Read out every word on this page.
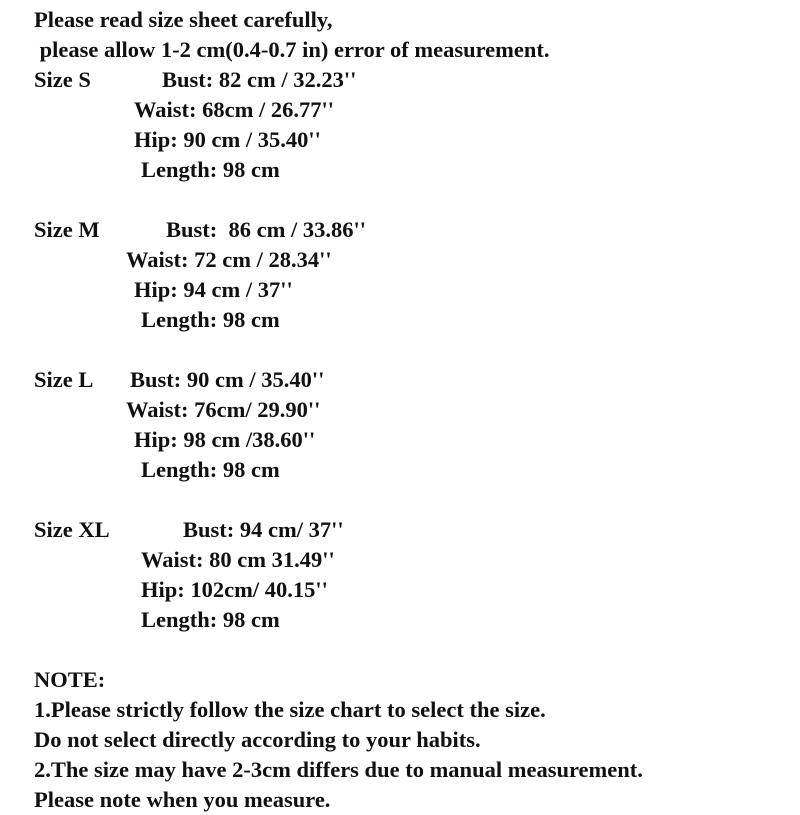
Please read size sheet carefully,
please allow 1-2 cm(0.4-0.7 in) error of measurement.
Size S	Bust: 82 cm / 32.23''
Waist: 68cm / 26.77''
Hip: 90 cm / 35.40''
Length: 98 cm
Size M	Bust:  86 cm / 33.86''
Waist: 72 cm / 28.34''
Hip: 94 cm / 37''
Length: 98 cm
Size L Bust: 90 cm / 35.40''
Waist: 76cm/ 29.90''
Hip: 98 cm /38.60''
Length: 98 cm
Size XL	Bust: 94 cm/ 37''
Waist: 80 cm 31.49''
Hip: 102cm/ 40.15''
Length: 98 cm
NOTE:
1.Please strictly follow the size chart to select the size.
Do not select directly according to your habits.
2.The size may have 2-3cm differs due to manual measurement.
Please note when you measure.
